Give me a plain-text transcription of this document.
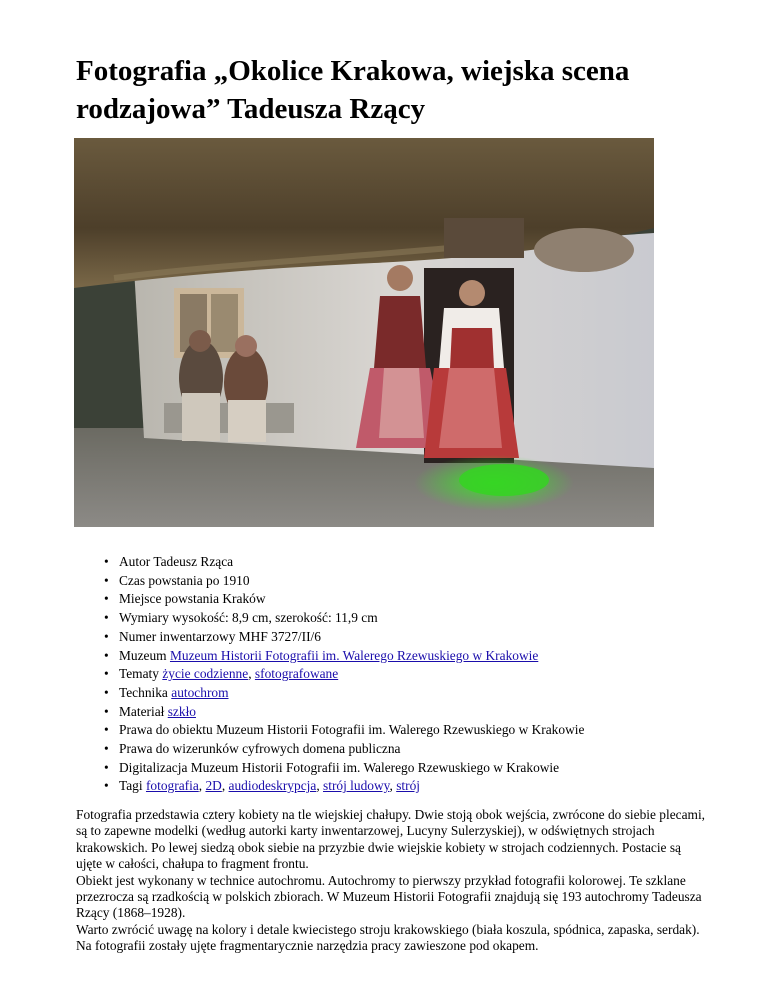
Fotografia „Okolice Krakowa, wiejska scena rodzajowa” Tadeusza Rzący
• Autor Tadeusz Rząca
• Czas powstania po 1910
• Miejsce powstania Kraków
• Wymiary wysokość: 8,9 cm, szerokość: 11,9 cm
• Numer inwentarzowy MHF 3727/II/6
• Muzeum Muzeum Historii Fotografii im. Walerego Rzewuskiego w Krakowie
• Tematy życie codzienne, sfotografowane
• Technika autochrom
• Materiał szkło
• Prawa do obiektu Muzeum Historii Fotografii im. Walerego Rzewuskiego w Krakowie
• Prawa do wizerunków cyfrowych domena publiczna
• Digitalizacja Muzeum Historii Fotografii im. Walerego Rzewuskiego w Krakowie
• Tagi fotografia, 2D, audiodeskrypcja, strój ludowy, strój
Fotografia przedstawia cztery kobiety na tle wiejskiej chałupy. Dwie stoją obok wejścia, zwrócone do siebie plecami, są to zapewne modelki (według autorki karty inwentarzowej, Lucyny Sulerzyskiej), w odświętnych strojach krakowskich. Po lewej siedzą obok siebie na przyzbie dwie wiejskie kobiety w strojach codziennych. Postacie są ujęte w całości, chałupa to fragment frontu.
Obiekt jest wykonany w technice autochromu. Autochromy to pierwszy przykład fotografii kolorowej. Te szklane przezrocza są rzadkością w polskich zbiorach. W Muzeum Historii Fotografii znajdują się 193 autochromy Tadeusza Rzący (1868–1928).
Warto zwrócić uwagę na kolory i detale kwiecistego stroju krakowskiego (biała koszula, spódnica, zapaska, serdak). Na fotografii zostały ujęte fragmentarycznie narzędzia pracy zawieszone pod okapem.
